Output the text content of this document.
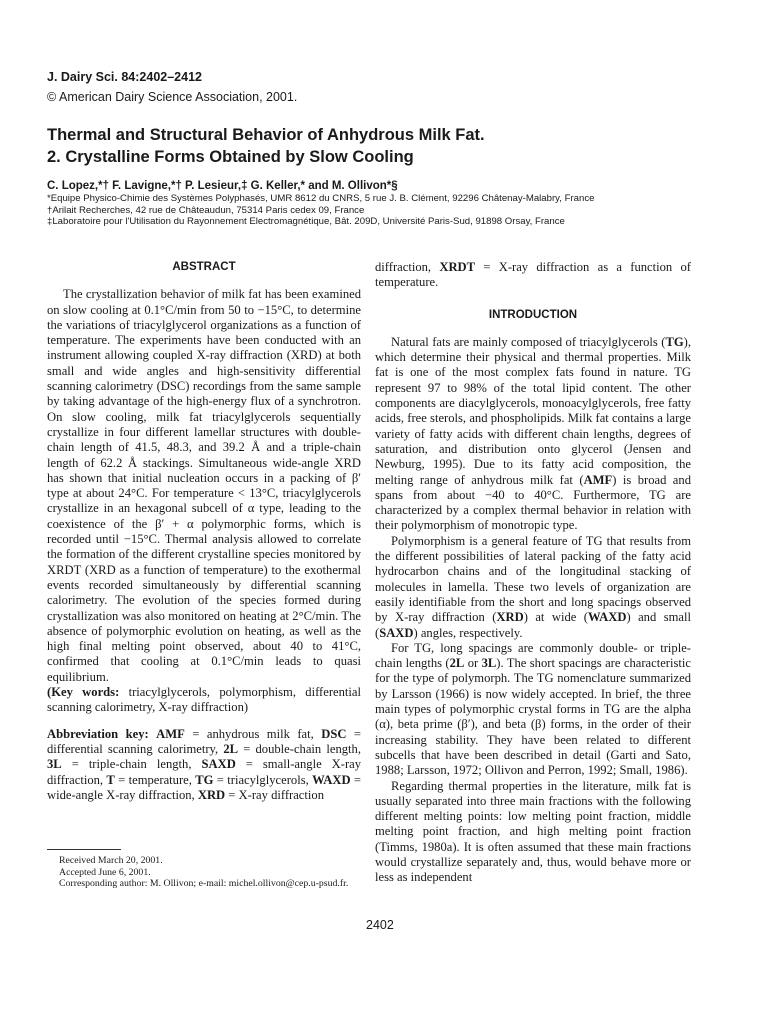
J. Dairy Sci. 84:2402–2412
© American Dairy Science Association, 2001.
Thermal and Structural Behavior of Anhydrous Milk Fat.
2. Crystalline Forms Obtained by Slow Cooling
C. Lopez,*† F. Lavigne,*† P. Lesieur,‡ G. Keller,* and M. Ollivon*§
*Equipe Physico-Chimie des Systèmes Polyphasés, UMR 8612 du CNRS, 5 rue J. B. Clément, 92296 Châtenay-Malabry, France
†Arilait Recherches, 42 rue de Châteaudun, 75314 Paris cedex 09, France
‡Laboratoire pour l'Utilisation du Rayonnement Electromagnétique, Bât. 209D, Université Paris-Sud, 91898 Orsay, France
ABSTRACT

The crystallization behavior of milk fat has been examined on slow cooling at 0.1°C/min from 50 to −15°C, to determine the variations of triacylglycerol organizations as a function of temperature. The experiments have been conducted with an instrument allowing coupled X-ray diffraction (XRD) at both small and wide angles and high-sensitivity differential scanning calorimetry (DSC) recordings from the same sample by taking advantage of the high-energy flux of a synchrotron. On slow cooling, milk fat triacylglycerols sequentially crystallize in four different lamellar structures with double-chain length of 41.5, 48.3, and 39.2 Å and a triple-chain length of 62.2 Å stackings. Simultaneous wide-angle XRD has shown that initial nucleation occurs in a packing of β′ type at about 24°C. For temperature < 13°C, triacylglycerols crystallize in an hexagonal subcell of α type, leading to the coexistence of the β′ + α polymorphic forms, which is recorded until −15°C. Thermal analysis allowed to correlate the formation of the different crystalline species monitored by XRDT (XRD as a function of temperature) to the exothermal events recorded simultaneously by differential scanning calorimetry. The evolution of the species formed during crystallization was also monitored on heating at 2°C/min. The absence of polymorphic evolution on heating, as well as the high final melting point observed, about 40 to 41°C, confirmed that cooling at 0.1°C/min leads to quasi equilibrium.

(Key words: triacylglycerols, polymorphism, differential scanning calorimetry, X-ray diffraction)

Abbreviation key: AMF = anhydrous milk fat, DSC = differential scanning calorimetry, 2L = double-chain length, 3L = triple-chain length, SAXD = small-angle X-ray diffraction, T = temperature, TG = triacylglycerols, WAXD = wide-angle X-ray diffraction, XRD = X-ray diffraction

Received March 20, 2001.
Accepted June 6, 2001.
Corresponding author: M. Ollivon; e-mail: michel.ollivon@cep.u-psud.fr.

diffraction, XRDT = X-ray diffraction as a function of temperature.

INTRODUCTION

Natural fats are mainly composed of triacylglycerols (TG), which determine their physical and thermal properties. Milk fat is one of the most complex fats found in nature. TG represent 97 to 98% of the total lipid content. The other components are diacylglycerols, monoacylglycerols, free fatty acids, free sterols, and phospholipids. Milk fat contains a large variety of fatty acids with different chain lengths, degrees of saturation, and distribution onto glycerol (Jensen and Newburg, 1995). Due to its fatty acid composition, the melting range of anhydrous milk fat (AMF) is broad and spans from about −40 to 40°C. Furthermore, TG are characterized by a complex thermal behavior in relation with their polymorphism of monotropic type.

Polymorphism is a general feature of TG that results from the different possibilities of lateral packing of the fatty acid hydrocarbon chains and of the longitudinal stacking of molecules in lamella. These two levels of organization are easily identifiable from the short and long spacings observed by X-ray diffraction (XRD) at wide (WAXD) and small (SAXD) angles, respectively.

For TG, long spacings are commonly double- or triple-chain lengths (2L or 3L). The short spacings are characteristic for the type of polymorph. The TG nomenclature summarized by Larsson (1966) is now widely accepted. In brief, the three main types of polymorphic crystal forms in TG are the alpha (α), beta prime (β′), and beta (β) forms, in the order of their increasing stability. They have been related to different subcells that have been described in detail (Garti and Sato, 1988; Larsson, 1972; Ollivon and Perron, 1992; Small, 1986).

Regarding thermal properties in the literature, milk fat is usually separated into three main fractions with the following different melting points: low melting point fraction, middle melting point fraction, and high melting point fraction (Timms, 1980a). It is often assumed that these main fractions would crystallize separately and, thus, would behave more or less as independent

2402
